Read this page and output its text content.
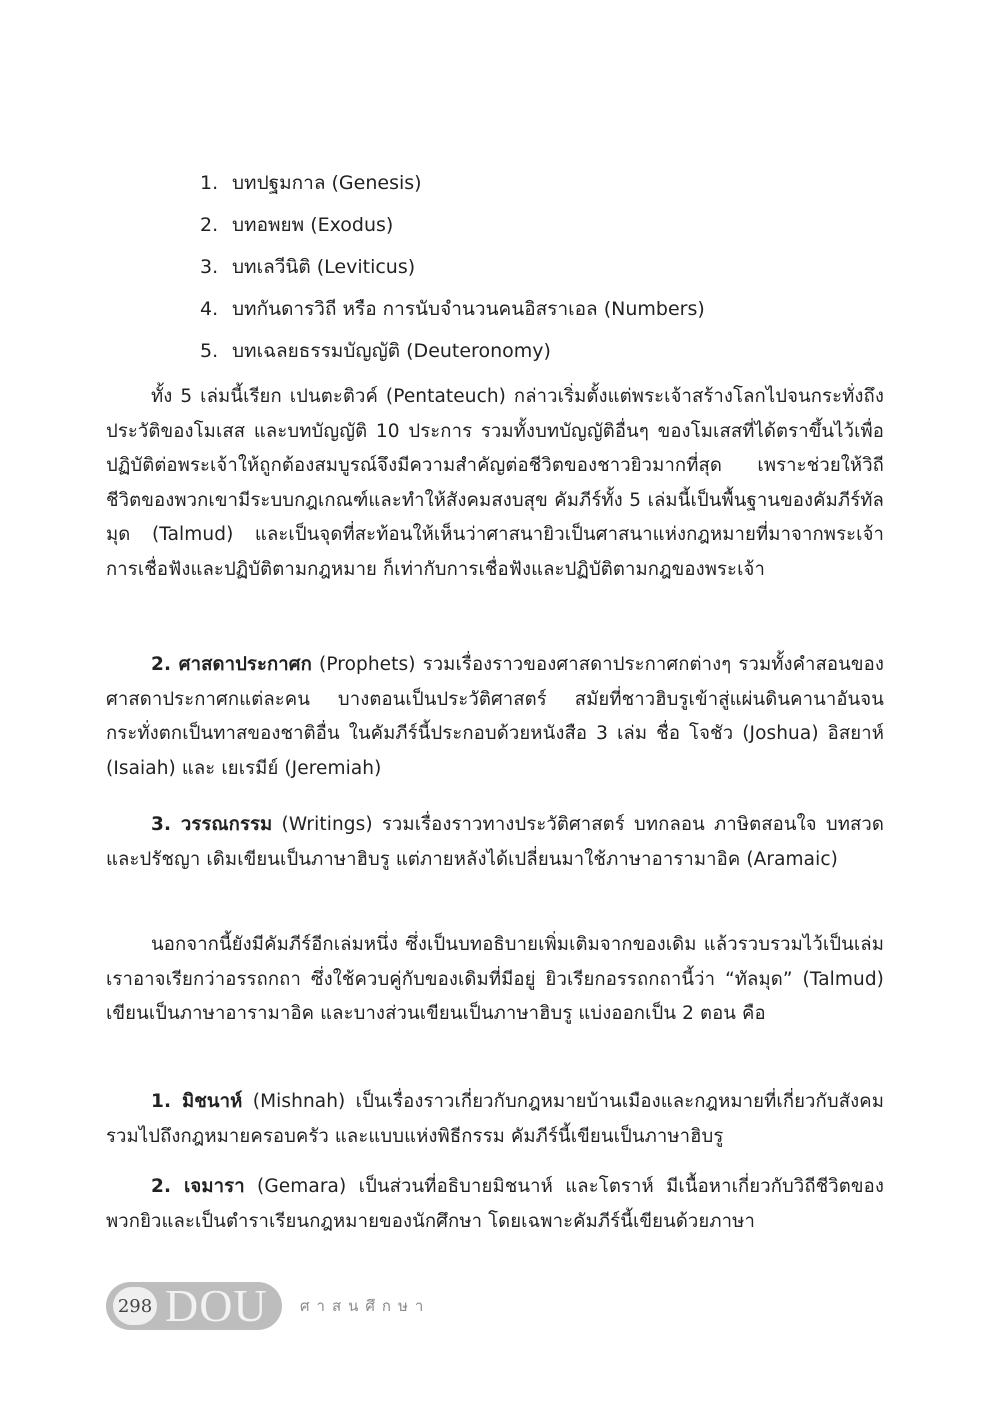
1. บทปฐมกาล (Genesis)
2. บทอพยพ (Exodus)
3. บทเลวีนิติ (Leviticus)
4. บทกันดารวิถี หรือ การนับจำนวนคนอิสราเอล (Numbers)
5. บทเฉลยธรรมบัญญัติ (Deuteronomy)

ทั้ง 5 เล่มนี้เรียก เปนตะติวค์ (Pentateuch) กล่าวเริ่มตั้งแต่พระเจ้าสร้างโลกไปจนกระทั่งถึงประวัติของโมเสส และบทบัญญัติ 10 ประการ รวมทั้งบทบัญญัติอื่นๆ ของโมเสสที่ได้ตราขึ้นไว้เพื่อปฏิบัติต่อพระเจ้าให้ถูกต้องสมบูรณ์จึงมีความสำคัญต่อชีวิตของชาวยิวมากที่สุด เพราะช่วยให้วิถีชีวิตของพวกเขามีระบบกฎเกณฑ์และทำให้สังคมสงบสุข คัมภีร์ทั้ง 5 เล่มนี้เป็นพื้นฐานของคัมภีร์ทัลมุด (Talmud) และเป็นจุดที่สะท้อนให้เห็นว่าศาสนายิวเป็นศาสนาแห่งกฎหมายที่มาจากพระเจ้า การเชื่อฟังและปฏิบัติตามกฎหมาย ก็เท่ากับการเชื่อฟังและปฏิบัติตามกฎของพระเจ้า

2. ศาสดาประกาศก (Prophets) รวมเรื่องราวของศาสดาประกาศกต่างๆ รวมทั้งคำสอนของศาสดาประกาศกแต่ละคน บางตอนเป็นประวัติศาสตร์ สมัยที่ชาวฮิบรูเข้าสู่แผ่นดินคานาอันจนกระทั่งตกเป็นทาสของชาติอื่น ในคัมภีร์นี้ประกอบด้วยหนังสือ 3 เล่ม ชื่อ โจชัว (Joshua) อิสยาห์ (Isaiah) และ เยเรมีย์ (Jeremiah)

3. วรรณกรรม (Writings) รวมเรื่องราวทางประวัติศาสตร์ บทกลอน ภาษิตสอนใจ บทสวด และปรัชญา เดิมเขียนเป็นภาษาฮิบรู แต่ภายหลังได้เปลี่ยนมาใช้ภาษาอารามาอิค (Aramaic)

นอกจากนี้ยังมีคัมภีร์อีกเล่มหนึ่ง ซึ่งเป็นบทอธิบายเพิ่มเติมจากของเดิม แล้วรวบรวมไว้เป็นเล่มเราอาจเรียกว่าอรรถกถา ซึ่งใช้ควบคู่กับของเดิมที่มีอยู่ ยิวเรียกอรรถกถานี้ว่า “ทัลมุด” (Talmud) เขียนเป็นภาษาอารามาอิค และบางส่วนเขียนเป็นภาษาฮิบรู แบ่งออกเป็น 2 ตอน คือ

1. มิชนาห์ (Mishnah) เป็นเรื่องราวเกี่ยวกับกฎหมายบ้านเมืองและกฎหมายที่เกี่ยวกับสังคม รวมไปถึงกฎหมายครอบครัว และแบบแห่งพิธีกรรม คัมภีร์นี้เขียนเป็นภาษาฮิบรู

2. เจมารา (Gemara) เป็นส่วนที่อธิบายมิชนาห์ และโตราห์ มีเนื้อหาเกี่ยวกับวิถีชีวิตของพวกยิวและเป็นตำราเรียนกฎหมายของนักศึกษา โดยเฉพาะคัมภีร์นี้เขียนด้วยภาษา

298 DOU ศาสนศึกษา
